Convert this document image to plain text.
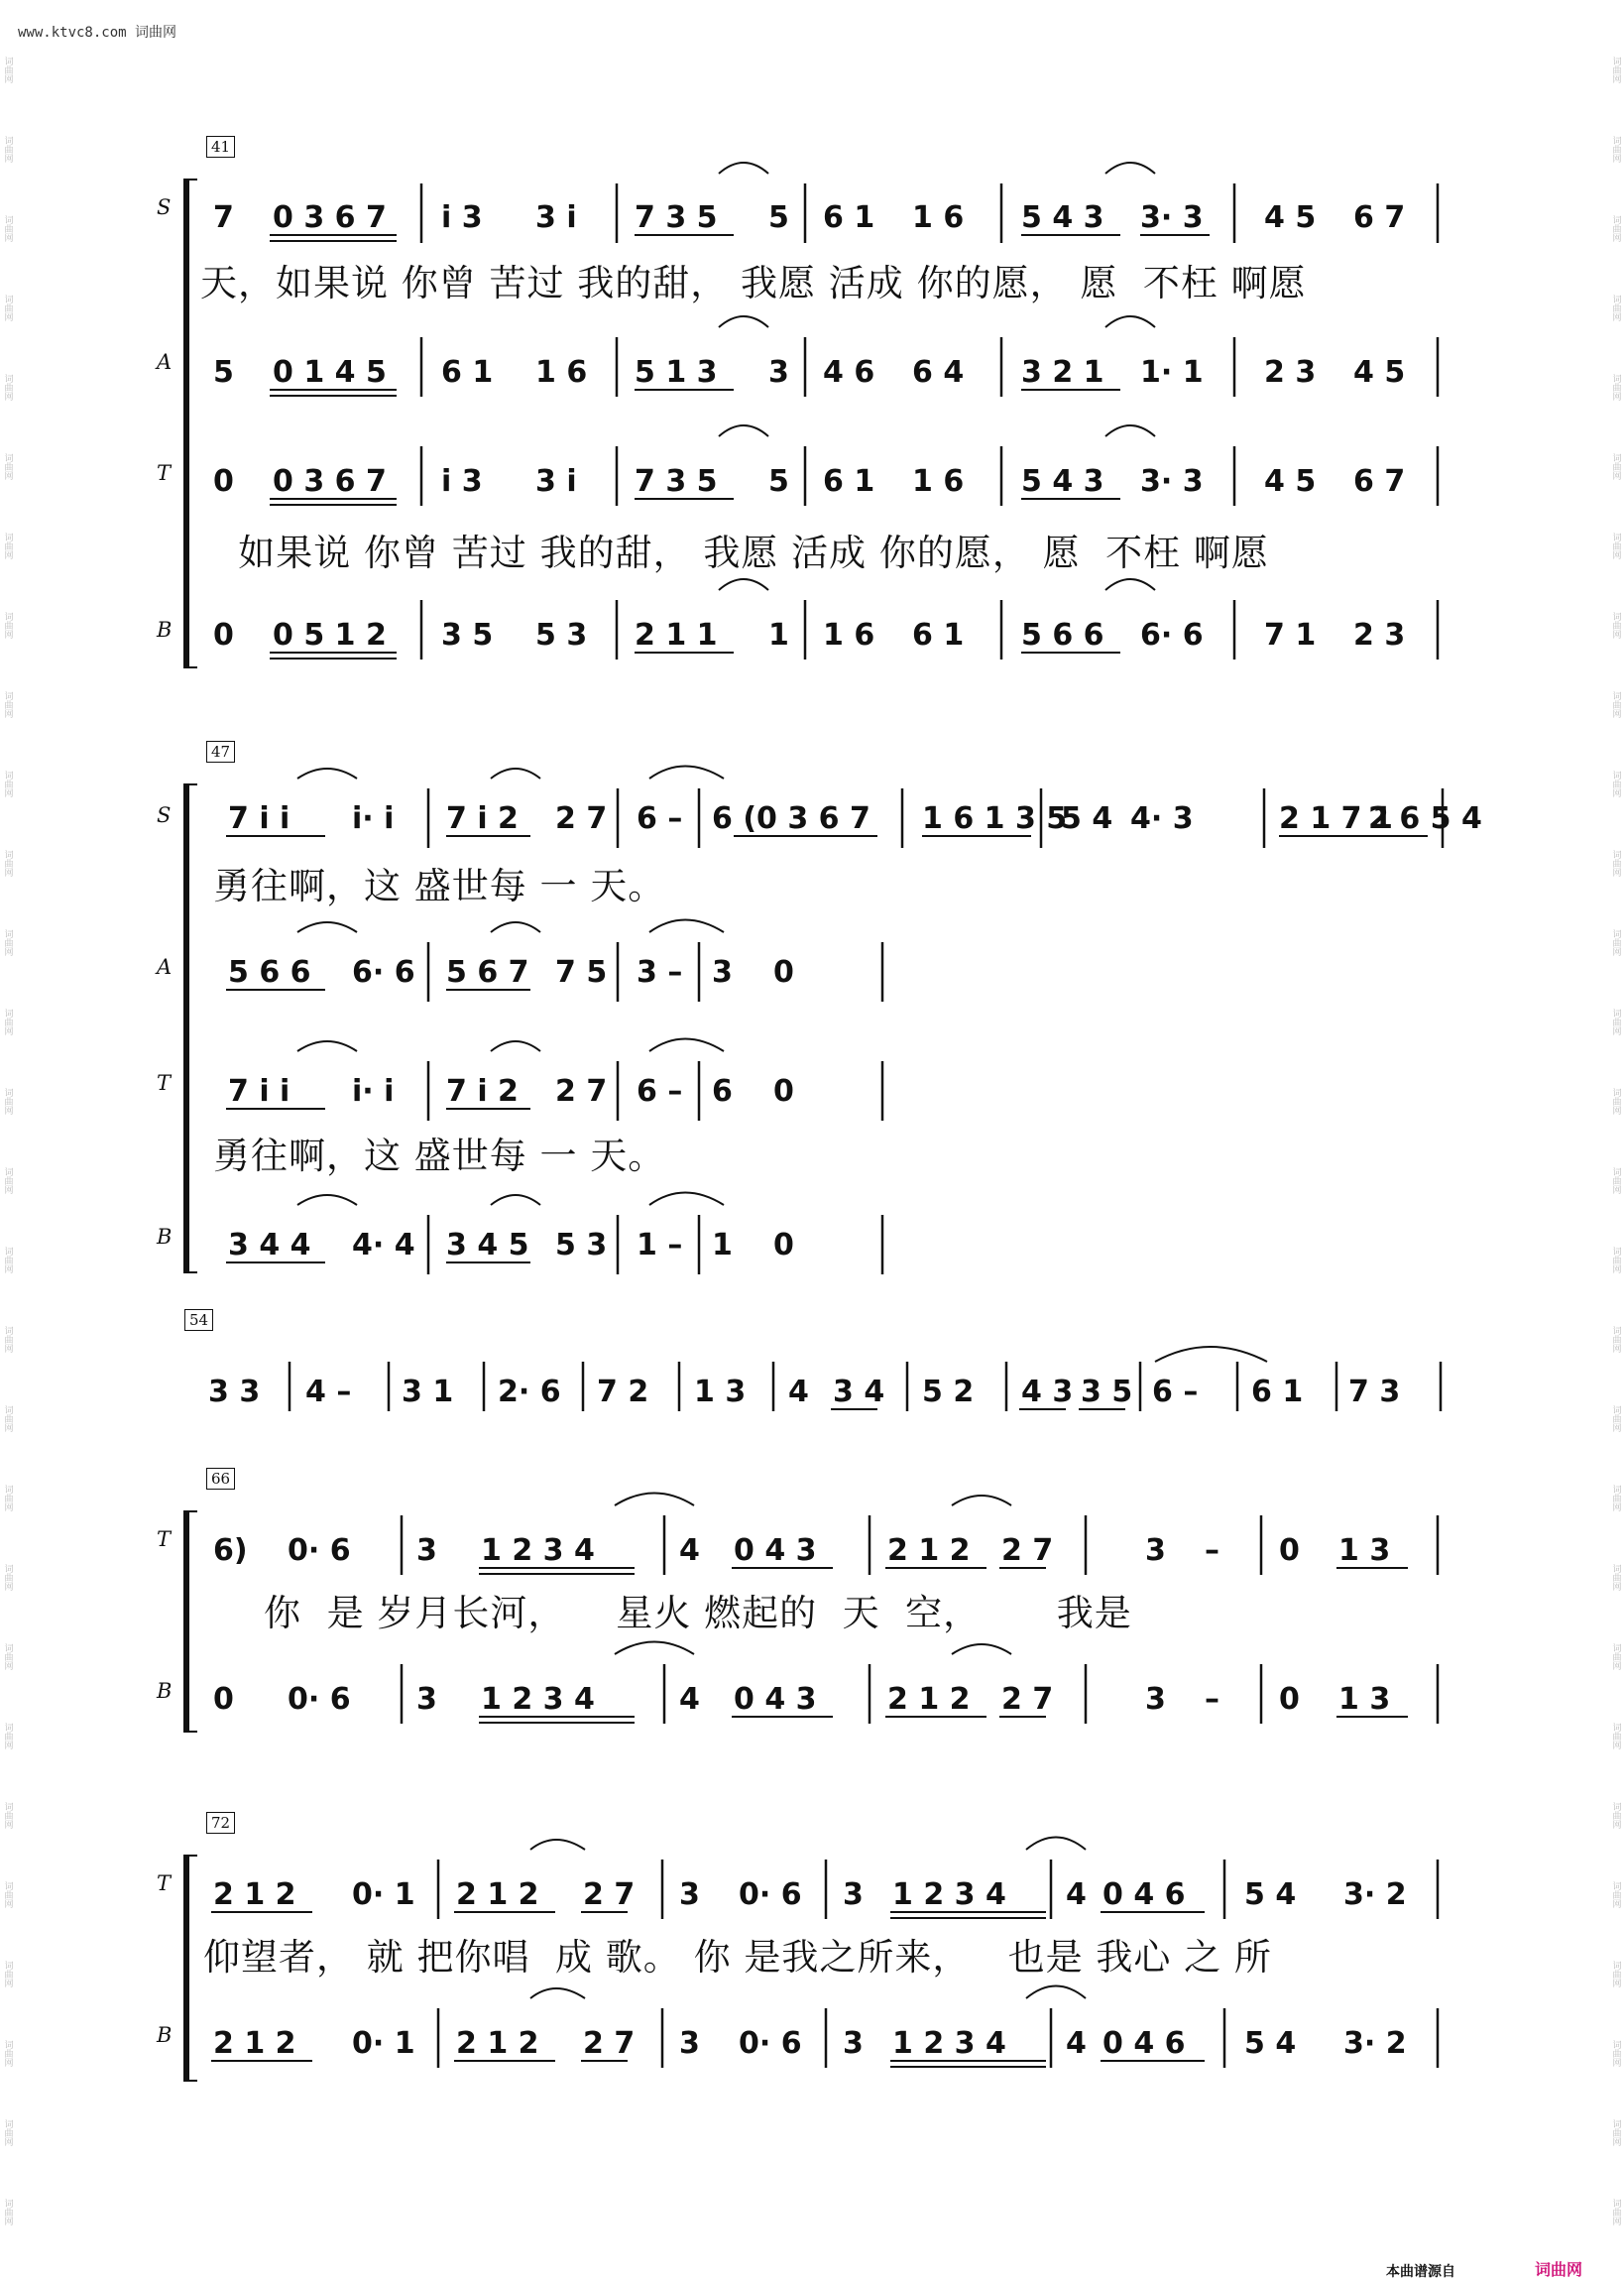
www.ktvc8.com 词曲网
词曲网
词曲网
词曲网
词曲网
词曲网
词曲网
词曲网
词曲网
词曲网
词曲网
词曲网
词曲网
词曲网
词曲网
词曲网
词曲网
词曲网
词曲网
词曲网
词曲网
词曲网
词曲网
词曲网
词曲网
词曲网
词曲网
词曲网
词曲网
词曲网
词曲网
词曲网
词曲网
词曲网
词曲网
词曲网
词曲网
词曲网
词曲网
词曲网
词曲网
词曲网
词曲网
词曲网
词曲网
词曲网
词曲网
词曲网
词曲网
词曲网
词曲网
词曲网
词曲网
词曲网
词曲网
词曲网
词曲网
41
S
A
T
B
7 0 3 6 7 i 3 3 i 7 3 5 5 6 1 1 6 5 4 3 3· 3 4 5 6 7
5 0 1 4 5 6 1 1 6 5 1 3 3 4 6 6 4 3 2 1 1· 1 2 3 4 5
0 0 3 6 7 i 3 3 i 7 3 5 5 6 1 1 6 5 4 3 3· 3 4 5 6 7
0 0 5 1 2 3 5 5 3 2 1 1 1 1 6 6 1 5 6 6 6· 6 7 1 2 3
天，如果说 你曾 苦过 我的甜， 我愿 活成 你的愿， 愿  不枉 啊愿
如果说 你曾 苦过 我的甜， 我愿 活成 你的愿， 愿  不枉 啊愿
47
S
A
T
B
7 i i i· i 7 i 2 2 7 6 – 6 (0 3 6 7 1 6 1 3 5
5 4 4· 3	2 1 7 1
2 6 5 4
5 6 6 6· 6 5 6 7 7 5 3 – 3 0
7 i i i· i 7 i 2 2 7 6 – 6 0
3 4 4 4· 4 3 4 5 5 3 1 – 1 0
勇往啊，这 盛世每 一 天。
勇往啊，这 盛世每 一 天。
54
3 3 4 – 3 1 2· 6 7 2 1 3 4 3 4 5 2 4 3 3 5 6 – 6 1 7 3
66
T
B
6) 0· 6 3 1 2 3 4	4 0 4 3 2 1 2 2 7	3 – 0 1 3
0 0· 6 3 1 2 3 4	4 0 4 3 2 1 2 2 7	3 – 0 1 3
你  是 岁月长河，    星火 燃起的  天  空，      我是
72
T
B
2 1 2 0· 1 2 1 2 2 7 3 0· 6 3 1 2 3 4 4 0 4 6 5 4 3· 2
2 1 2 0· 1 2 1 2 2 7 3 0· 6 3 1 2 3 4 4 0 4 6 5 4 3· 2
仰望者， 就 把你唱  成 歌。 你 是我之所来，   也是 我心 之 所
本曲谱源自	词曲网
